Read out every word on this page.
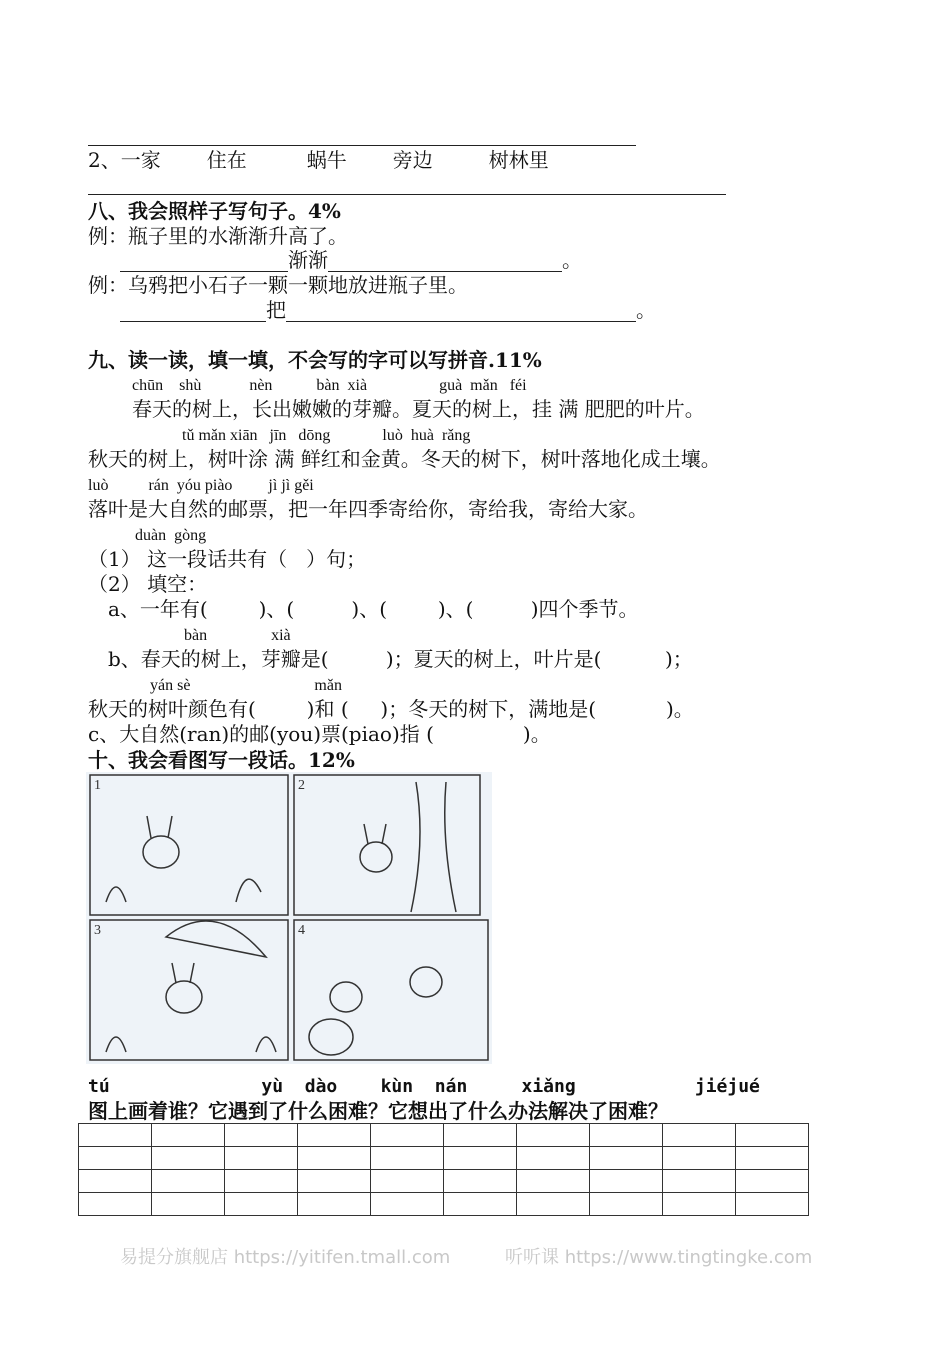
2、一家 住在	蜗牛 旁边	树林里
八、我会照样子写句子。4%
例：瓶子里的水渐渐升高了。
渐渐	。
例：乌鸦把小石子一颗一颗地放进瓶子里。
把	。
九、读一读，填一填，不会写的字可以写拼音.11%
chūn    shù            nèn           bàn  xià                  guà  mǎn   féi
春天的树上，长出嫩嫩的芽瓣。夏天的树上，挂 满 肥肥的叶片。
tǔ mǎn xiān   jīn   dōng             luò  huà  rǎng
秋天的树上，树叶涂 满 鲜红和金黄。冬天的树下，树叶落地化成土壤。
luò          rán  yóu piào         jì jì gěi
落叶是大自然的邮票，把一年四季寄给你，寄给我，寄给大家。
duàn  gòng
（1） 这一段话共有（   ）句；
（2） 填空：
a、一年有(        )、(         )、(        )、(         )四个季节。
bàn                xià
b、春天的树上，芽瓣是(         )；夏天的树上，叶片是(          )；
yán sè                               mǎn
秋天的树叶颜色有(        )和 (     )；冬天的树下，满地是(           )。
c、大自然(ran)的邮(you)票(piao)指 (              )。
十、我会看图写一段话。12%
1	2
3	4
tú              yù  dào    kùn  nán     xiǎng           jiéjué
图上画着谁？它遇到了什么困难？它想出了什么办法解决了困难？

易提分旗舰店 https://yitifen.tmall.com	听听课 https://www.tingtingke.com
